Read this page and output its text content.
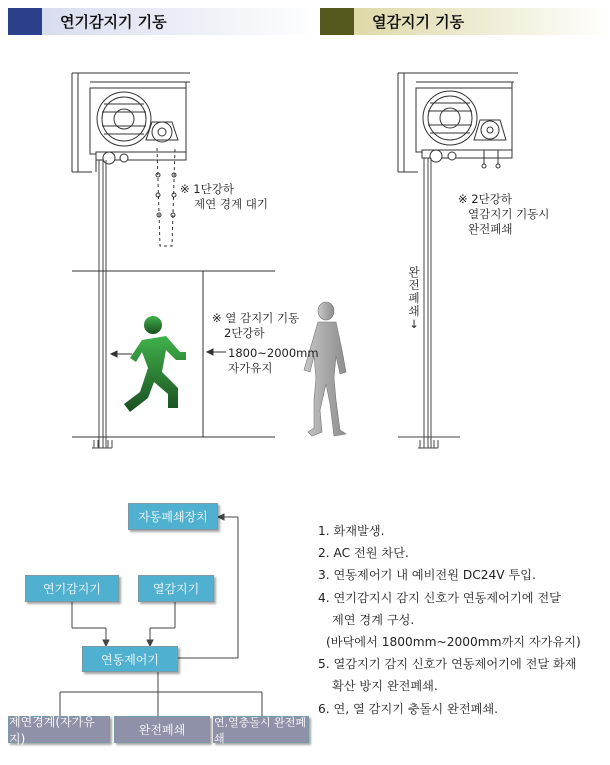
연기감지기 기동	열감지기 기동
※ 1단강하
제연 경계 대기
※ 열 감지기 기동
2단강하
1800~2000mm
자가유지
※ 2단강하
열감지기 기동시
완전폐쇄
완전폐쇄↓
자동폐쇄장치
연기감지기	열감지기
연동제어기
제연경계(자가유지)
완전폐쇄
연,열충돌시 완전폐쇄
1. 화재발생.
2. AC 전원 차단.
3. 연동제어기 내 예비전원 DC24V 투입.
4. 연기감지시 감지 신호가 연동제어기에 전달
제연 경계 구성.
(바닥에서 1800mm~2000mm까지 자가유지)
5. 열감지기 감지 신호가 연동제어기에 전달 화재
확산 방지 완전폐쇄.
6. 연, 열 감지기 충돌시 완전폐쇄.
